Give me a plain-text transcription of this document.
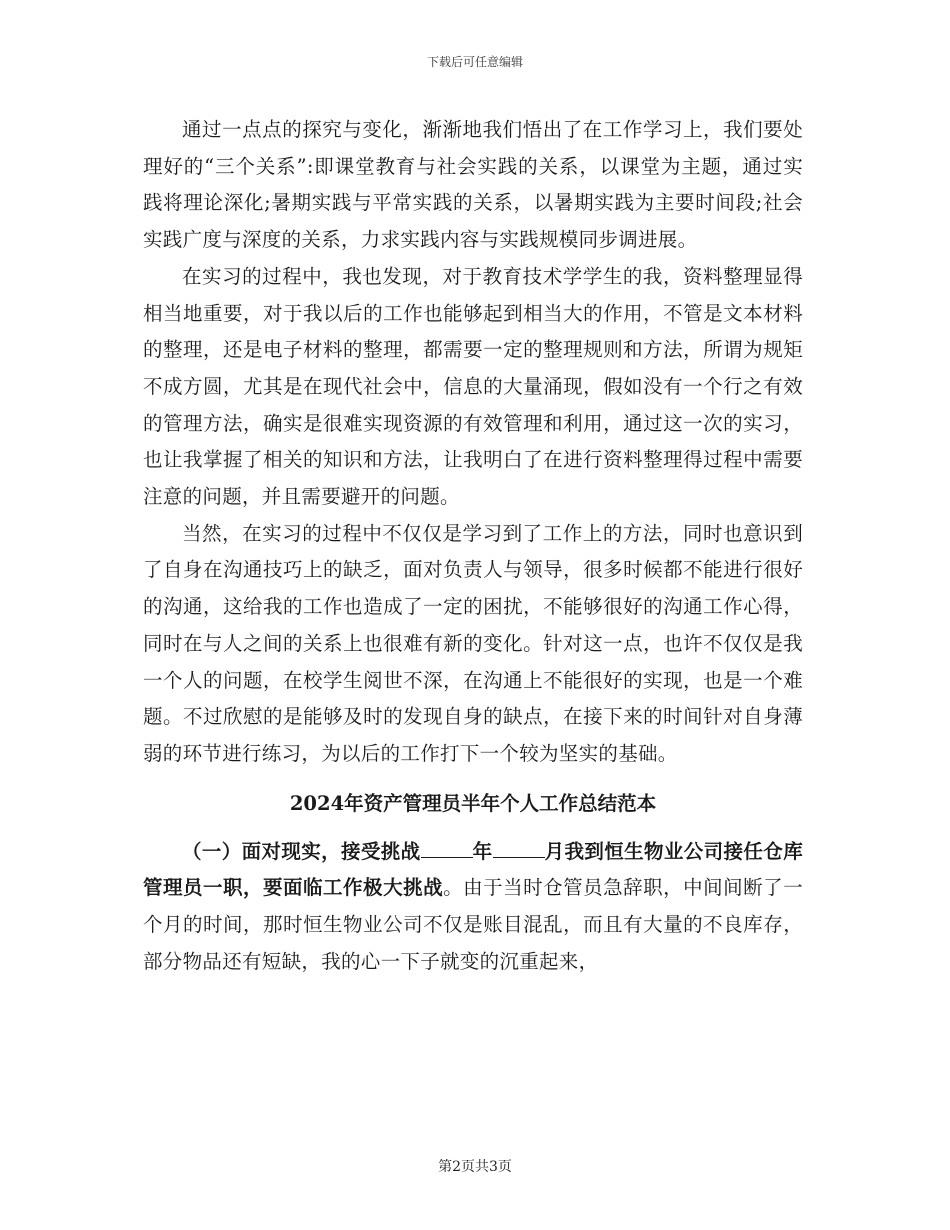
下载后可任意编辑

通过一点点的探究与变化，渐渐地我们悟出了在工作学习上，我们要处理好的“三个关系”:即课堂教育与社会实践的关系，以课堂为主题，通过实践将理论深化;暑期实践与平常实践的关系，以暑期实践为主要时间段;社会实践广度与深度的关系，力求实践内容与实践规模同步调进展。

在实习的过程中，我也发现，对于教育技术学学生的我，资料整理显得相当地重要，对于我以后的工作也能够起到相当大的作用，不管是文本材料的整理，还是电子材料的整理，都需要一定的整理规则和方法，所谓为规矩不成方圆，尤其是在现代社会中，信息的大量涌现，假如没有一个行之有效的管理方法，确实是很难实现资源的有效管理和利用，通过这一次的实习，也让我掌握了相关的知识和方法，让我明白了在进行资料整理得过程中需要注意的问题，并且需要避开的问题。

当然，在实习的过程中不仅仅是学习到了工作上的方法，同时也意识到了自身在沟通技巧上的缺乏，面对负责人与领导，很多时候都不能进行很好的沟通，这给我的工作也造成了一定的困扰，不能够很好的沟通工作心得，同时在与人之间的关系上也很难有新的变化。针对这一点，也许不仅仅是我一个人的问题，在校学生阅世不深，在沟通上不能很好的实现，也是一个难题。不过欣慰的是能够及时的发现自身的缺点，在接下来的时间针对自身薄弱的环节进行练习，为以后的工作打下一个较为坚实的基础。

2024年资产管理员半年个人工作总结范本

（一）面对现实，接受挑战	年	月我到恒生物业公司接任仓库管理员一职，要面临工作极大挑战。由于当时仓管员急辞职，中间间断了一个月的时间，那时恒生物业公司不仅是账目混乱，而且有大量的不良库存，部分物品还有短缺，我的心一下子就变的沉重起来，

第2页共3页
